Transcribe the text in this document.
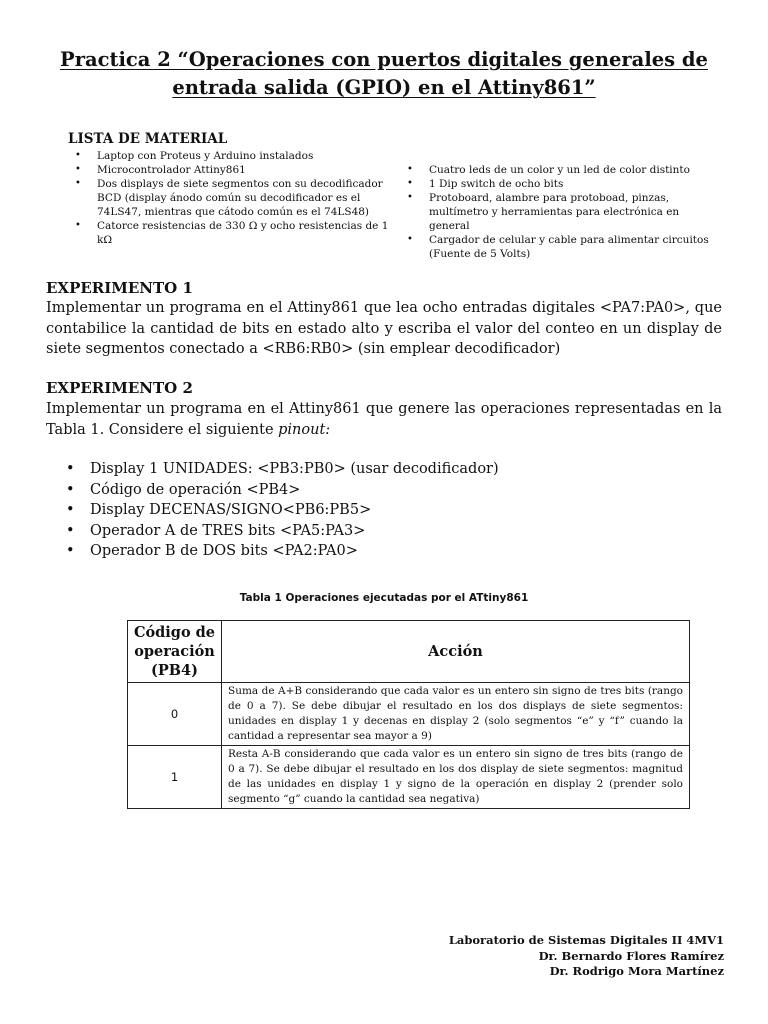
Practica 2 “Operaciones con puertos digitales generales de entrada salida (GPIO) en el Attiny861”
LISTA DE MATERIAL
• Laptop con Proteus y Arduino instalados
• Microcontrolador Attiny861
• Dos displays de siete segmentos con su decodificador BCD (display ánodo común su decodificador es el 74LS47, mientras que cátodo común es el 74LS48)
• Catorce resistencias de 330 Ω y ocho resistencias de 1 kΩ
• Cuatro leds de un color y un led de color distinto
• 1 Dip switch de ocho bits
• Protoboard, alambre para protoboad, pinzas, multímetro y herramientas para electrónica en general
• Cargador de celular y cable para alimentar circuitos (Fuente de 5 Volts)
EXPERIMENTO 1
Implementar un programa en el Attiny861 que lea ocho entradas digitales <PA7:PA0>, que contabilice la cantidad de bits en estado alto y escriba el valor del conteo en un display de siete segmentos conectado a <RB6:RB0> (sin emplear decodificador)
EXPERIMENTO 2
Implementar un programa en el Attiny861 que genere las operaciones representadas en la Tabla 1. Considere el siguiente pinout:
• Display 1 UNIDADES: <PB3:PB0> (usar decodificador)
• Código de operación <PB4>
• Display DECENAS/SIGNO<PB6:PB5>
• Operador A de TRES bits <PA5:PA3>
• Operador B de DOS bits <PA2:PA0>
Tabla 1 Operaciones ejecutadas por el ATtiny861
Código de operación (PB4)	Acción
0	Suma de A+B considerando que cada valor es un entero sin signo de tres bits (rango de 0 a 7). Se debe dibujar el resultado en los dos displays de siete segmentos: unidades en display 1 y decenas en display 2 (solo segmentos “e” y “f” cuando la cantidad a representar sea mayor a 9)
1	Resta A-B considerando que cada valor es un entero sin signo de tres bits (rango de 0 a 7). Se debe dibujar el resultado en los dos display de siete segmentos: magnitud de las unidades en display 1 y signo de la operación en display 2 (prender solo segmento “g” cuando la cantidad sea negativa)
Laboratorio de Sistemas Digitales II 4MV1
Dr. Bernardo Flores Ramírez
Dr. Rodrigo Mora Martínez
